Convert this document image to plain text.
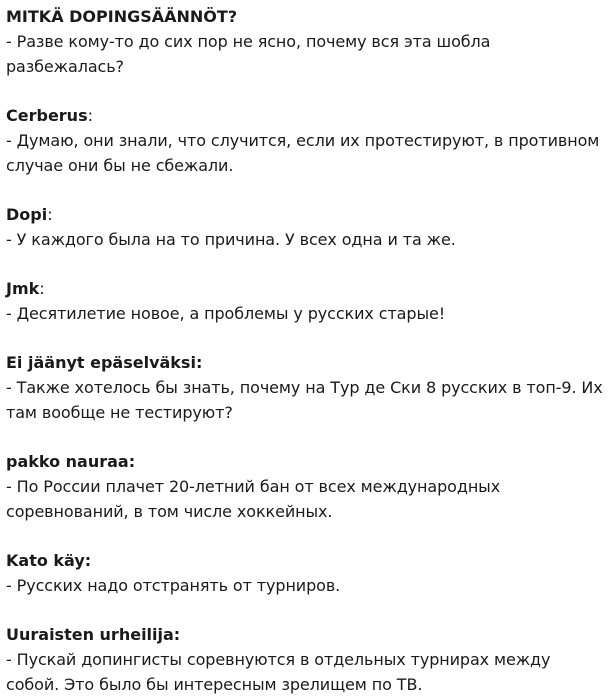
MITKÄ DOPINGSÄÄNNÖT?

- Разве кому-то до сих пор не ясно, почему вся эта шобла разбежалась?

Cerberus:

- Думаю, они знали, что случится, если их протестируют, в противном случае они бы не сбежали.

Dopi:

- У каждого была на то причина. У всех одна и та же.

Jmk:

- Десятилетие новое, а проблемы у русских старые!

Ei jäänyt epäselväksi:

- Также хотелось бы знать, почему на Тур де Ски 8 русских в топ-9. Их там вообще не тестируют?

pakko nauraa:

- По России плачет 20-летний бан от всех международных соревнований, в том числе хоккейных.

Kato käy:

- Русских надо отстранять от турниров.

Uuraisten urheilija:

- Пускай допингисты соревнуются в отдельных турнирах между собой. Это было бы интересным зрелищем по ТВ.
